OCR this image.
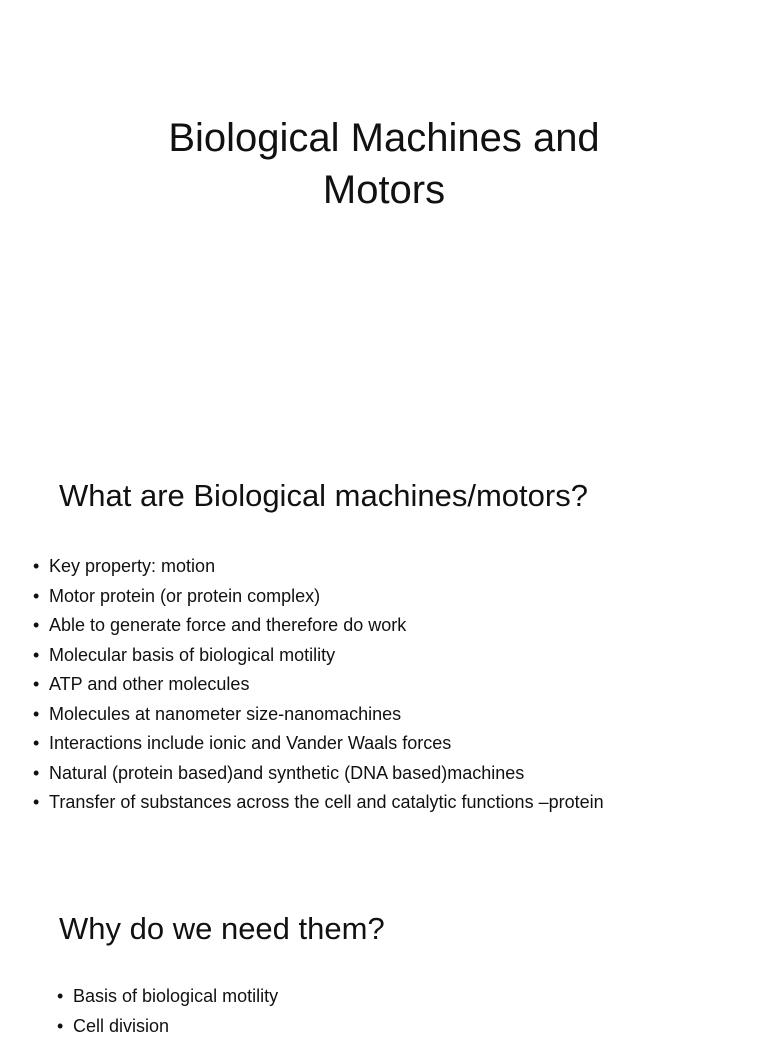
Biological Machines and
Motors
What are Biological machines/motors?
• Key property: motion
• Motor protein (or protein complex)
• Able to generate force and therefore do work
• Molecular basis of biological motility
• ATP and other molecules
• Molecules at nanometer size-nanomachines
• Interactions include ionic and Vander Waals forces
• Natural (protein based)and synthetic (DNA based)machines
• Transfer of substances across the cell and catalytic functions –protein
Why do we need them?
• Basis of biological motility
• Cell division
